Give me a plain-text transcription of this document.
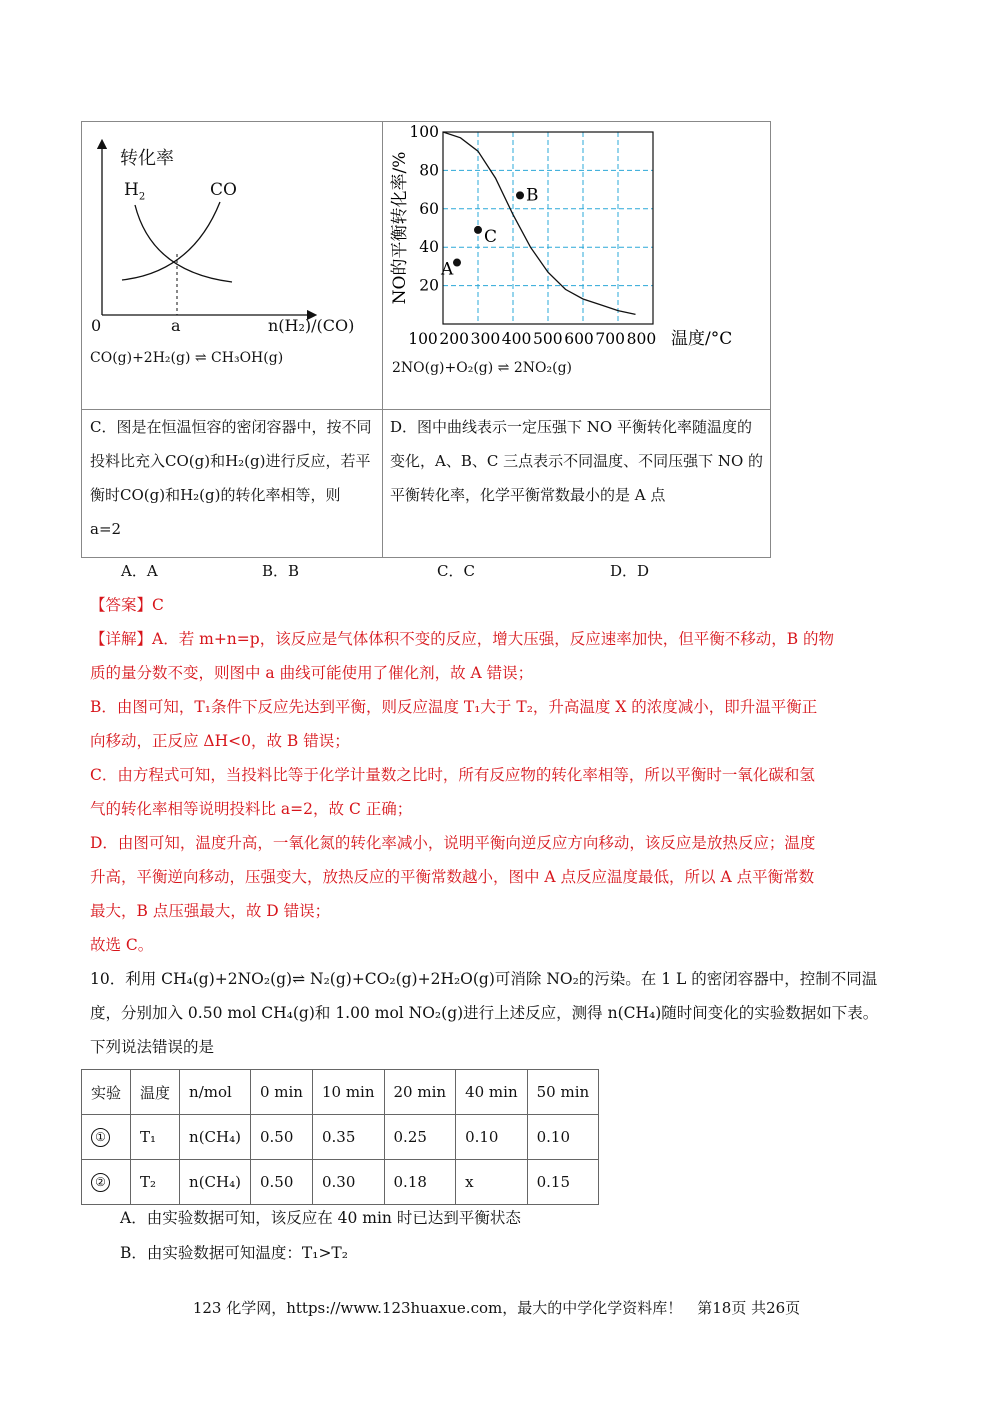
转化率
$H_2$	CO
0	a	n(H₂)/(CO)
CO(g)+2H₂(g) ⇌ CH₃OH(g)
100 200 300 400 500 600 700 800
20
40
60
80
100
A
C
B
NO的平衡转化率/%
温度/°C
2NO(g)+O₂(g) ⇌ 2NO₂(g)
C．图是在恒温恒容的密闭容器中，按不同投料比充入CO(g)和H₂(g)进行反应，若平衡时CO(g)和H₂(g)的转化率相等，则 a=2
D．图中曲线表示一定压强下 NO 平衡转化率随温度的变化，A、B、C 三点表示不同温度、不同压强下 NO 的平衡转化率，化学平衡常数最小的是 A 点
A．A	B．B	C．C	D．D
【答案】C
【详解】A．若 m+n=p，该反应是气体体积不变的反应，增大压强，反应速率加快，但平衡不移动，B 的物
质的量分数不变，则图中 a 曲线可能使用了催化剂，故 A 错误；
B．由图可知，T₁条件下反应先达到平衡，则反应温度 T₁大于 T₂，升高温度 X 的浓度减小，即升温平衡正
向移动，正反应 ΔH<0，故 B 错误；
C．由方程式可知，当投料比等于化学计量数之比时，所有反应物的转化率相等，所以平衡时一氧化碳和氢
气的转化率相等说明投料比 a=2，故 C 正确；
D．由图可知，温度升高，一氧化氮的转化率减小，说明平衡向逆反应方向移动，该反应是放热反应；温度
升高，平衡逆向移动，压强变大，放热反应的平衡常数越小，图中 A 点反应温度最低，所以 A 点平衡常数
最大，B 点压强最大，故 D 错误；
故选 C。
10．利用 CH₄(g)+2NO₂(g)⇌ N₂(g)+CO₂(g)+2H₂O(g)可消除 NO₂的污染。在 1 L 的密闭容器中，控制不同温
度，分别加入 0.50 mol CH₄(g)和 1.00 mol NO₂(g)进行上述反应，测得 n(CH₄)随时间变化的实验数据如下表。
下列说法错误的是
实验	温度	n/mol	0 min	10 min	20 min	40 min	50 min
①	T₁	n(CH₄)	0.50	0.35	0.25	0.10	0.10
②	T₂	n(CH₄)	0.50	0.30	0.18	x	0.15
A．由实验数据可知，该反应在 40 min 时已达到平衡状态
B．由实验数据可知温度：T₁>T₂
123 化学网，https://www.123huaxue.com，最大的中学化学资料库！　第18页 共26页
